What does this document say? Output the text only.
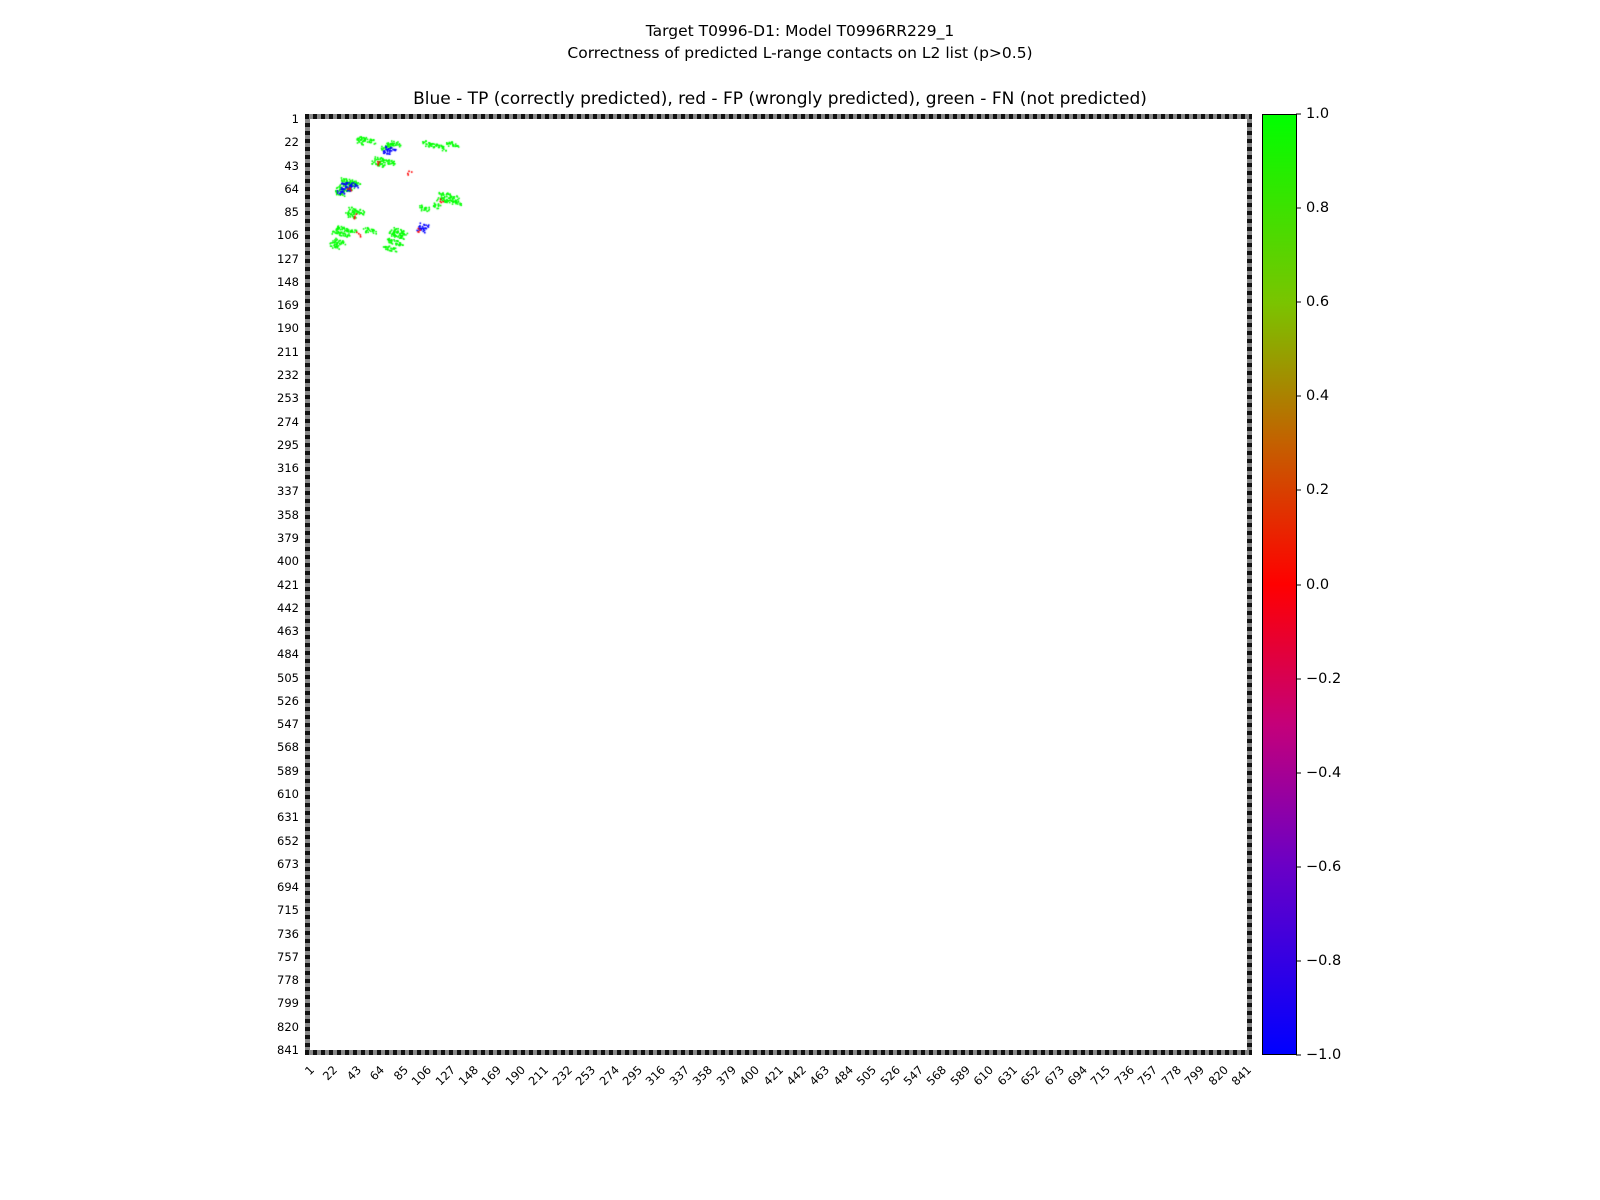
Target T0996-D1: Model T0996RR229_1
Correctness of predicted L-range contacts on L2 list (p>0.5)
Blue - TP (correctly predicted), red - FP (wrongly predicted), green - FN (not predicted)
1
22
43
64
85
106
127
148
169
190
211
232
253
274
295
316
337
358
379
400
421
442
463
484
505
526
547
568
589
610
631
652
673
694
715
736
757
778
799
820
841
1 22 43 64 85
106
127
148
169
190
211
232
253
274
295
316
337
358
379
400
421
442
463
484
505
526
547
568
589
610
631
652
673
694
715
736
757
778
799
820
841
1.0
0.8
0.6
0.4
0.2
0.0
−0.2
−0.4
−0.6
−0.8
−1.0
